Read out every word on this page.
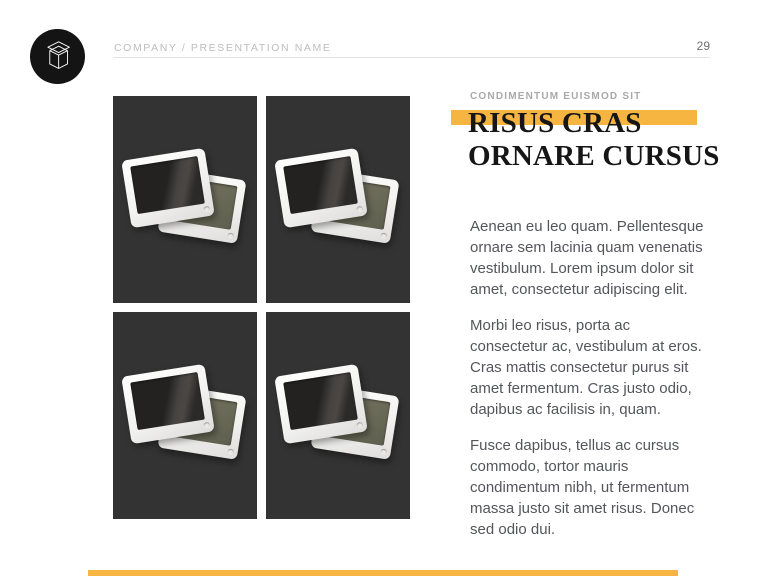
COMPANY / PRESENTATION NAME	29
CONDIMENTUM EUISMOD SIT
RISUS CRAS
ORNARE CURSUS

Aenean eu leo quam. Pellentesque ornare sem lacinia quam venenatis vestibulum. Lorem ipsum dolor sit amet, consectetur adipiscing elit.

Morbi leo risus, porta ac consectetur ac, vestibulum at eros. Cras mattis consectetur purus sit amet fermentum. Cras justo odio, dapibus ac facilisis in, quam.

Fusce dapibus, tellus ac cursus commodo, tortor mauris condimentum nibh, ut fermentum massa justo sit amet risus. Donec sed odio dui.
